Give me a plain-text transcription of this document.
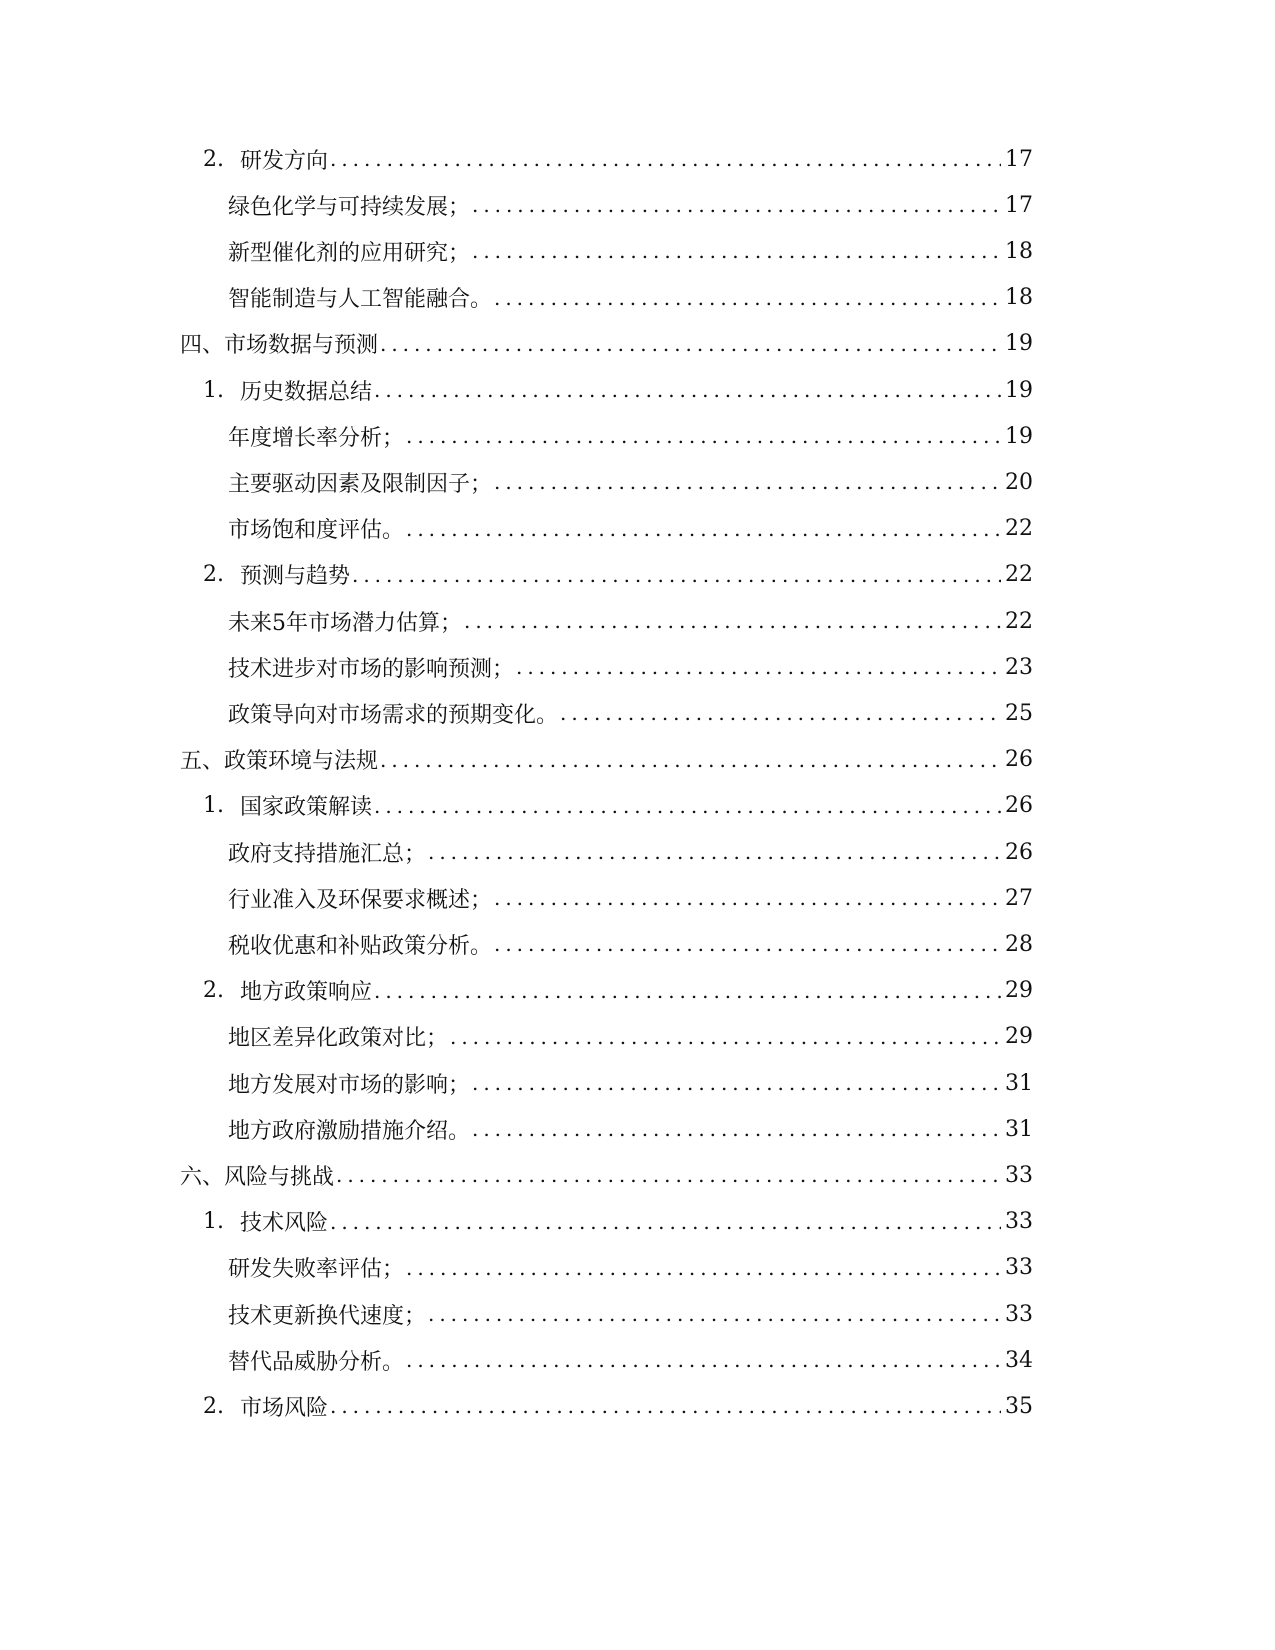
2. 研发方向 . . .	17
绿色化学与可持续发展； . . .	17
新型催化剂的应用研究； . . .	18
智能制造与人工智能融合。 . . .	18
四、市场数据与预测 . . .	19
1. 历史数据总结 . . .	19
年度增长率分析； . . .	19
主要驱动因素及限制因子； . . .	20
市场饱和度评估。 . . .	22
2. 预测与趋势 . . .	22
未来5年市场潜力估算； . . .	22
技术进步对市场的影响预测； . . .	23
政策导向对市场需求的预期变化。 . . .	25
五、政策环境与法规 . . .	26
1. 国家政策解读 . . .	26
政府支持措施汇总； . . .	26
行业准入及环保要求概述； . . .	27
税收优惠和补贴政策分析。 . . .	28
2. 地方政策响应 . . .	29
地区差异化政策对比； . . .	29
地方发展对市场的影响； . . .	31
地方政府激励措施介绍。 . . .	31
六、风险与挑战 . . .	33
1. 技术风险 . . .	33
研发失败率评估； . . .	33
技术更新换代速度； . . .	33
替代品威胁分析。 . . .	34
2. 市场风险 . . .	35
